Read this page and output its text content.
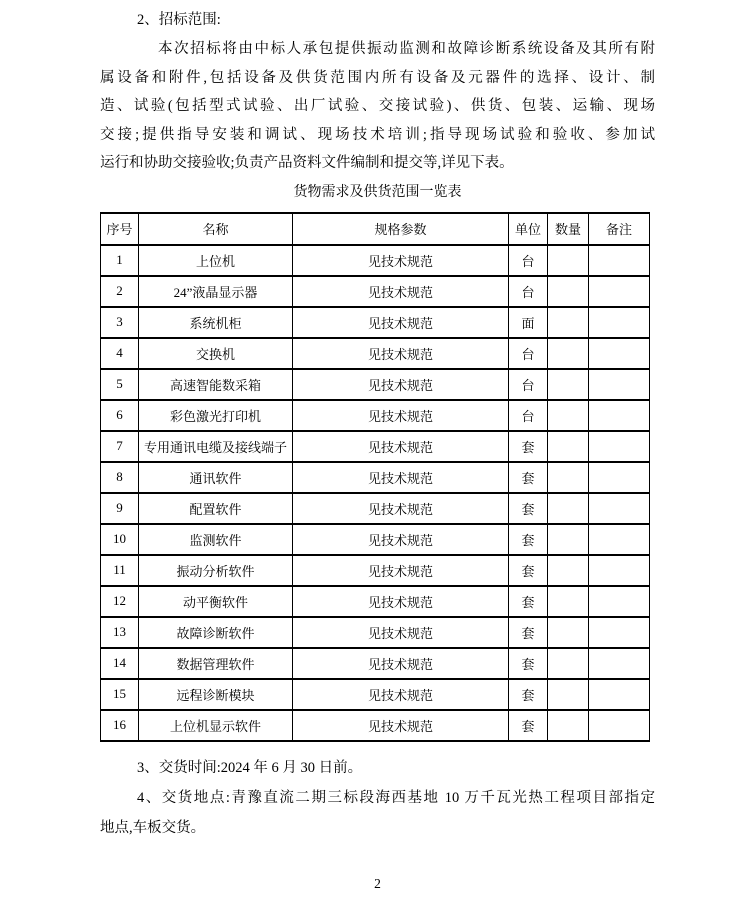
2、招标范围:
本次招标将由中标人承包提供振动监测和故障诊断系统设备及其所有附
属设备和附件,包括设备及供货范围内所有设备及元器件的选择、设计、制
造、试验(包括型式试验、出厂试验、交接试验)、供货、包装、运输、现场
交接;提供指导安装和调试、现场技术培训;指导现场试验和验收、参加试
运行和协助交接验收;负责产品资料文件编制和提交等,详见下表。
货物需求及供货范围一览表
序号	名称	规格参数	单位	数量	备注
1	上位机	见技术规范	台		
2	24”液晶显示器	见技术规范	台		
3	系统机柜	见技术规范	面		
4	交换机	见技术规范	台		
5	高速智能数采箱	见技术规范	台		
6	彩色激光打印机	见技术规范	台		
7	专用通讯电缆及接线端子	见技术规范	套		
8	通讯软件	见技术规范	套		
9	配置软件	见技术规范	套		
10	监测软件	见技术规范	套		
11	振动分析软件	见技术规范	套		
12	动平衡软件	见技术规范	套		
13	故障诊断软件	见技术规范	套		
14	数据管理软件	见技术规范	套		
15	远程诊断模块	见技术规范	套		
16	上位机显示软件	见技术规范	套		
3、交货时间:2024 年 6 月 30 日前。
4、交货地点:青豫直流二期三标段海西基地 10 万千瓦光热工程项目部指定
地点,车板交货。
2
